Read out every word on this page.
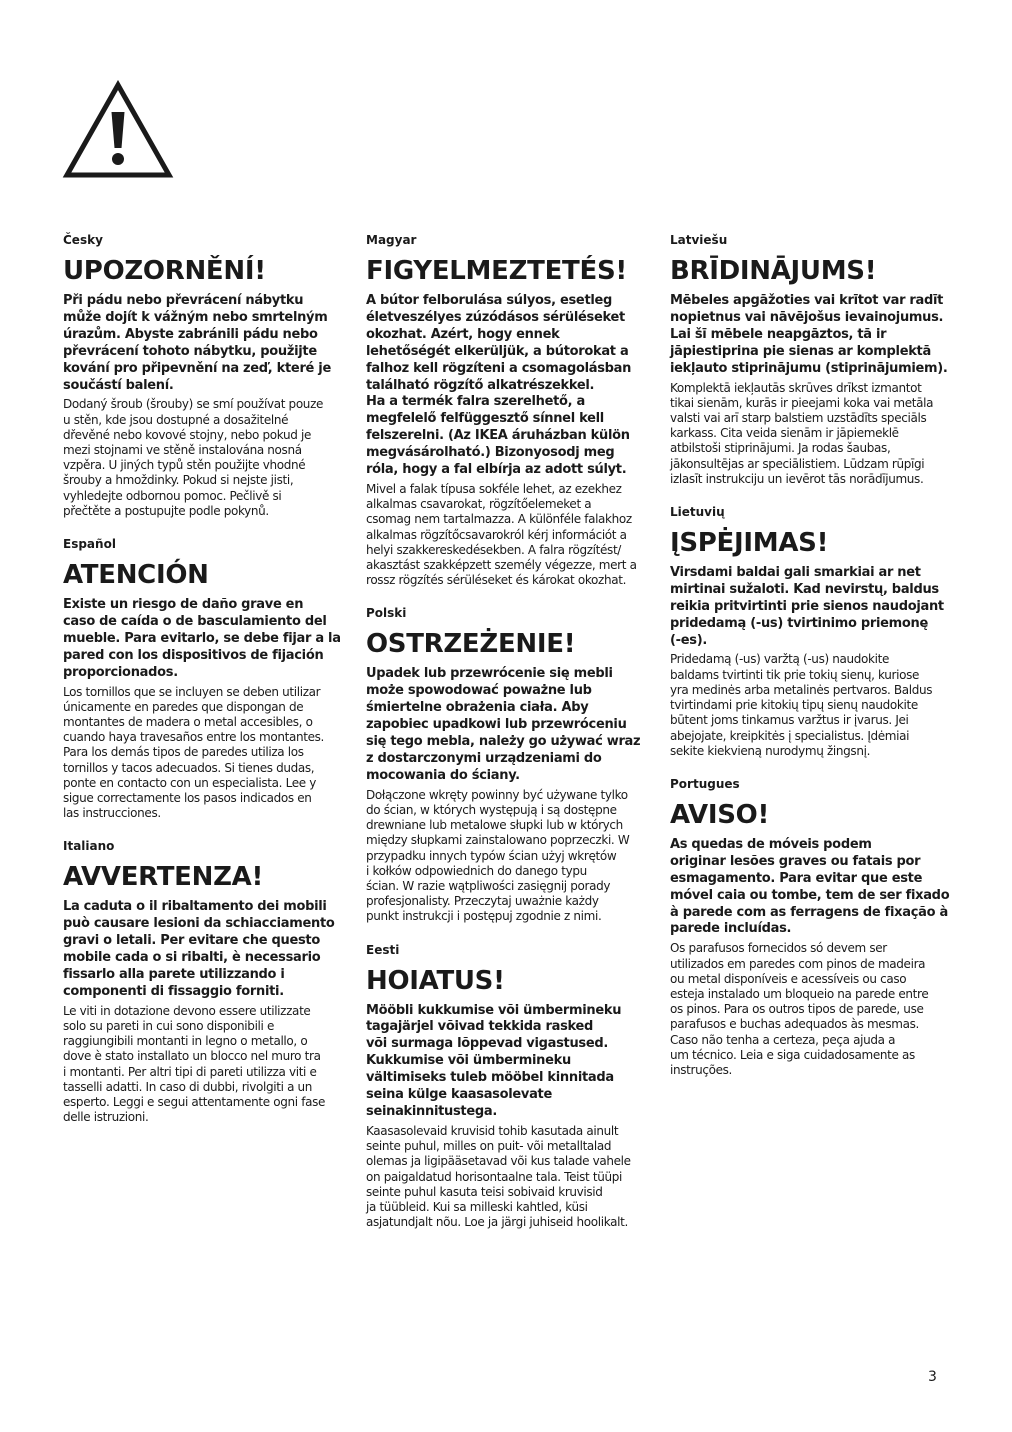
Česky
UPOZORNĚNÍ!
Při pádu nebo převrácení nábytku
může dojít k vážným nebo smrtelným
úrazům. Abyste zabránili pádu nebo
převrácení tohoto nábytku, použijte
kování pro připevnění na zeď, které je
součástí balení.
Dodaný šroub (šrouby) se smí používat pouze
u stěn, kde jsou dostupné a dosažitelné
dřevěné nebo kovové stojny, nebo pokud je
mezi stojnami ve stěně instalována nosná
vzpěra. U jiných typů stěn použijte vhodné
šrouby a hmoždinky. Pokud si nejste jisti,
vyhledejte odbornou pomoc. Pečlivě si
přečtěte a postupujte podle pokynů.
Español
ATENCIÓN
Existe un riesgo de daño grave en
caso de caída o de basculamiento del
mueble. Para evitarlo, se debe fijar a la
pared con los dispositivos de fijación
proporcionados.
Los tornillos que se incluyen se deben utilizar
únicamente en paredes que dispongan de
montantes de madera o metal accesibles, o
cuando haya travesaños entre los montantes.
Para los demás tipos de paredes utiliza los
tornillos y tacos adecuados. Si tienes dudas,
ponte en contacto con un especialista. Lee y
sigue correctamente los pasos indicados en
las instrucciones.
Italiano
AVVERTENZA!
La caduta o il ribaltamento dei mobili
può causare lesioni da schiacciamento
gravi o letali. Per evitare che questo
mobile cada o si ribalti, è necessario
fissarlo alla parete utilizzando i
componenti di fissaggio forniti.
Le viti in dotazione devono essere utilizzate
solo su pareti in cui sono disponibili e
raggiungibili montanti in legno o metallo, o
dove è stato installato un blocco nel muro tra
i montanti. Per altri tipi di pareti utilizza viti e
tasselli adatti. In caso di dubbi, rivolgiti a un
esperto. Leggi e segui attentamente ogni fase
delle istruzioni.
Magyar
FIGYELMEZTETÉS!
A bútor felborulása súlyos, esetleg
életveszélyes zúzódásos sérüléseket
okozhat. Azért, hogy ennek
lehetőségét elkerüljük, a bútorokat a
falhoz kell rögzíteni a csomagolásban
található rögzítő alkatrészekkel.
Ha a termék falra szerelhető, a
megfelelő felfüggesztő sínnel kell
felszerelni. (Az IKEA áruházban külön
megvásárolható.) Bizonyosodj meg
róla, hogy a fal elbírja az adott súlyt.
Mivel a falak típusa sokféle lehet, az ezekhez
alkalmas csavarokat, rögzítőelemeket a
csomag nem tartalmazza. A különféle falakhoz
alkalmas rögzítőcsavarokról kérj információt a
helyi szakkereskedésekben. A falra rögzítést/
akasztást szakképzett személy végezze, mert a
rossz rögzítés sérüléseket és károkat okozhat.
Polski
OSTRZEŻENIE!
Upadek lub przewrócenie się mebli
może spowodować poważne lub
śmiertelne obrażenia ciała. Aby
zapobiec upadkowi lub przewróceniu
się tego mebla, należy go używać wraz
z dostarczonymi urządzeniami do
mocowania do ściany.
Dołączone wkręty powinny być używane tylko
do ścian, w których występują i są dostępne
drewniane lub metalowe słupki lub w których
między słupkami zainstalowano poprzeczki. W
przypadku innych typów ścian użyj wkrętów
i kołków odpowiednich do danego typu
ścian. W razie wątpliwości zasięgnij porady
profesjonalisty. Przeczytaj uważnie każdy
punkt instrukcji i postępuj zgodnie z nimi.
Eesti
HOIATUS!
Mööbli kukkumise või ümbermineku
tagajärjel võivad tekkida rasked
või surmaga lõppevad vigastused.
Kukkumise või ümbermineku
vältimiseks tuleb mööbel kinnitada
seina külge kaasasolevate
seinakinnitustega.
Kaasasolevaid kruvisid tohib kasutada ainult
seinte puhul, milles on puit- või metalltalad
olemas ja ligipääsetavad või kus talade vahele
on paigaldatud horisontaalne tala. Teist tüüpi
seinte puhul kasuta teisi sobivaid kruvisid
ja tüübleid. Kui sa milleski kahtled, küsi
asjatundjalt nõu. Loe ja järgi juhiseid hoolikalt.
Latviešu
BRĪDINĀJUMS!
Mēbeles apgāžoties vai krītot var radīt
nopietnus vai nāvējošus ievainojumus.
Lai šī mēbele neapgāztos, tā ir
jāpiestiprina pie sienas ar komplektā
iekļauto stiprinājumu (stiprinājumiem).
Komplektā iekļautās skrūves drīkst izmantot
tikai sienām, kurās ir pieejami koka vai metāla
valsti vai arī starp balstiem uzstādīts speciāls
karkass. Cita veida sienām ir jāpiemeklē
atbilstoši stiprinājumi. Ja rodas šaubas,
jākonsultējas ar speciālistiem. Lūdzam rūpīgi
izlasīt instrukciju un ievērot tās norādījumus.
Lietuvių
ĮSPĖJIMAS!
Virsdami baldai gali smarkiai ar net
mirtinai sužaloti. Kad nevirstų, baldus
reikia pritvirtinti prie sienos naudojant
pridedamą (-us) tvirtinimo priemonę
(-es).
Pridedamą (-us) varžtą (-us) naudokite
baldams tvirtinti tik prie tokių sienų, kuriose
yra medinės arba metalinės pertvaros. Baldus
tvirtindami prie kitokių tipų sienų naudokite
būtent joms tinkamus varžtus ir įvarus. Jei
abejojate, kreipkitės į specialistus. Įdėmiai
sekite kiekvieną nurodymų žingsnį.
Portugues
AVISO!
As quedas de móveis podem
originar lesões graves ou fatais por
esmagamento. Para evitar que este
móvel caia ou tombe, tem de ser fixado
à parede com as ferragens de fixação à
parede incluídas.
Os parafusos fornecidos só devem ser
utilizados em paredes com pinos de madeira
ou metal disponíveis e acessíveis ou caso
esteja instalado um bloqueio na parede entre
os pinos. Para os outros tipos de parede, use
parafusos e buchas adequados às mesmas.
Caso não tenha a certeza, peça ajuda a
um técnico. Leia e siga cuidadosamente as
instruções.
3
